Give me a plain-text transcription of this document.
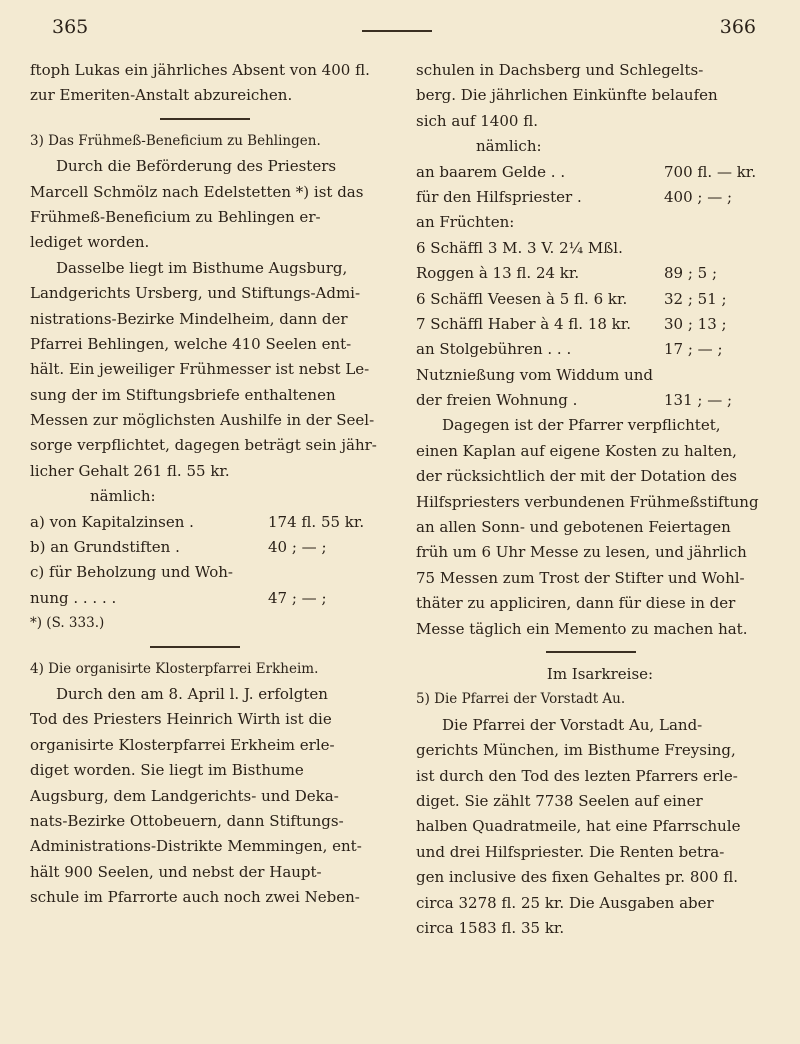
365
ftoph Lukas ein jährliches Absent von 400 fl.
zur Emeriten-Anstalt abzureichen.
3) Das Frühmeß-Beneficium zu Behlingen.
Durch die Beförderung des Priesters
Marcell Schmölz nach Edelstetten *) ist das
Frühmeß-Beneficium zu Behlingen er-
lediget worden.
Dasselbe liegt im Bisthume Augsburg,
Landgerichts Ursberg, und Stiftungs-Admi-
nistrations-Bezirke Mindelheim, dann der
Pfarrei Behlingen, welche 410 Seelen ent-
hält. Ein jeweiliger Frühmesser ist nebst Le-
sung der im Stiftungsbriefe enthaltenen
Messen zur möglichsten Aushilfe in der Seel-
sorge verpflichtet, dagegen beträgt sein jähr-
licher Gehalt 261 fl. 55 kr.
nämlich:
a) von Kapitalzinsen .	174 fl. 55 kr.
b) an Grundstiften .	40 ; — ;
c) für Beholzung und Woh-
nung . . . . .	47 ; — ;
*) (S. 333.)
4) Die organisirte Klosterpfarrei Erkheim.
Durch den am 8. April l. J. erfolgten
Tod des Priesters Heinrich Wirth ist die
organisirte Klosterpfarrei Erkheim erle-
diget worden. Sie liegt im Bisthume
Augsburg, dem Landgerichts- und Deka-
nats-Bezirke Ottobeuern, dann Stiftungs-
Administrations-Distrikte Memmingen, ent-
hält 900 Seelen, und nebst der Haupt-
schule im Pfarrorte auch noch zwei Neben-
366
schulen in Dachsberg und Schlegelts-
berg. Die jährlichen Einkünfte belaufen
sich auf 1400 fl.
nämlich:
an baarem Gelde . .	700 fl. — kr.
für den Hilfspriester .	400 ; — ;
an Früchten:
6 Schäffl 3 M. 3 V. 2¼ Mßl.
Roggen à 13 fl. 24 kr.	89 ; 5 ;
6 Schäffl Veesen à 5 fl. 6 kr.	32 ; 51 ;
7 Schäffl Haber à 4 fl. 18 kr.	30 ; 13 ;
an Stolgebühren . . .	17 ; — ;
Nutznießung vom Widdum und
der freien Wohnung .	131 ; — ;
Dagegen ist der Pfarrer verpflichtet,
einen Kaplan auf eigene Kosten zu halten,
der rücksichtlich der mit der Dotation des
Hilfspriesters verbundenen Frühmeßstiftung
an allen Sonn- und gebotenen Feiertagen
früh um 6 Uhr Messe zu lesen, und jährlich
75 Messen zum Trost der Stifter und Wohl-
thäter zu appliciren, dann für diese in der
Messe täglich ein Memento zu machen hat.
Im Isarkreise:
5) Die Pfarrei der Vorstadt Au.
Die Pfarrei der Vorstadt Au, Land-
gerichts München, im Bisthume Freysing,
ist durch den Tod des lezten Pfarrers erle-
diget. Sie zählt 7738 Seelen auf einer
halben Quadratmeile, hat eine Pfarrschule
und drei Hilfspriester. Die Renten betra-
gen inclusive des fixen Gehaltes pr. 800 fl.
circa 3278 fl. 25 kr. Die Ausgaben aber
circa 1583 fl. 35 kr.
